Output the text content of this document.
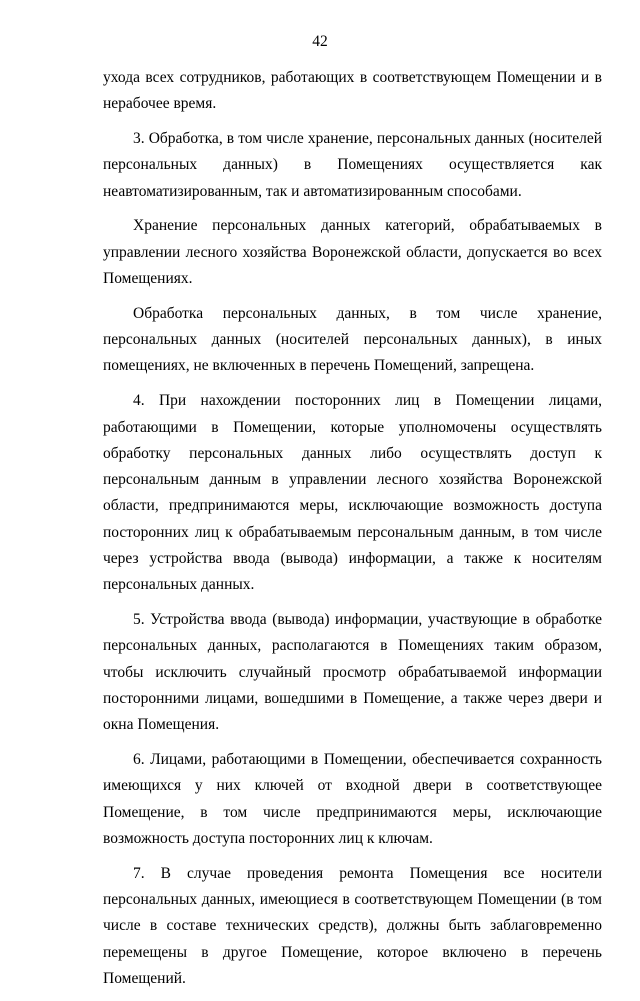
42

ухода всех сотрудников, работающих в соответствующем Помещении и в нерабочее время.

3. Обработка, в том числе хранение, персональных данных (носителей персональных данных) в Помещениях осуществляется как неавтоматизированным, так и автоматизированным способами.

Хранение персональных данных категорий, обрабатываемых в управлении лесного хозяйства Воронежской области, допускается во всех Помещениях.

Обработка персональных данных, в том числе хранение, персональных данных (носителей персональных данных), в иных помещениях, не включенных в перечень Помещений, запрещена.

4. При нахождении посторонних лиц в Помещении лицами, работающими в Помещении, которые уполномочены осуществлять обработку персональных данных либо осуществлять доступ к персональным данным в управлении лесного хозяйства Воронежской области, предпринимаются меры, исключающие возможность доступа посторонних лиц к обрабатываемым персональным данным, в том числе через устройства ввода (вывода) информации, а также к носителям персональных данных.

5. Устройства ввода (вывода) информации, участвующие в обработке персональных данных, располагаются в Помещениях таким образом, чтобы исключить случайный просмотр обрабатываемой информации посторонними лицами, вошедшими в Помещение, а также через двери и окна Помещения.

6. Лицами, работающими в Помещении, обеспечивается сохранность имеющихся у них ключей от входной двери в соответствующее Помещение, в том числе предпринимаются меры, исключающие возможность доступа посторонних лиц к ключам.

7. В случае проведения ремонта Помещения все носители персональных данных, имеющиеся в соответствующем Помещении (в том числе в составе технических средств), должны быть заблаговременно перемещены в другое Помещение, которое включено в перечень Помещений.
